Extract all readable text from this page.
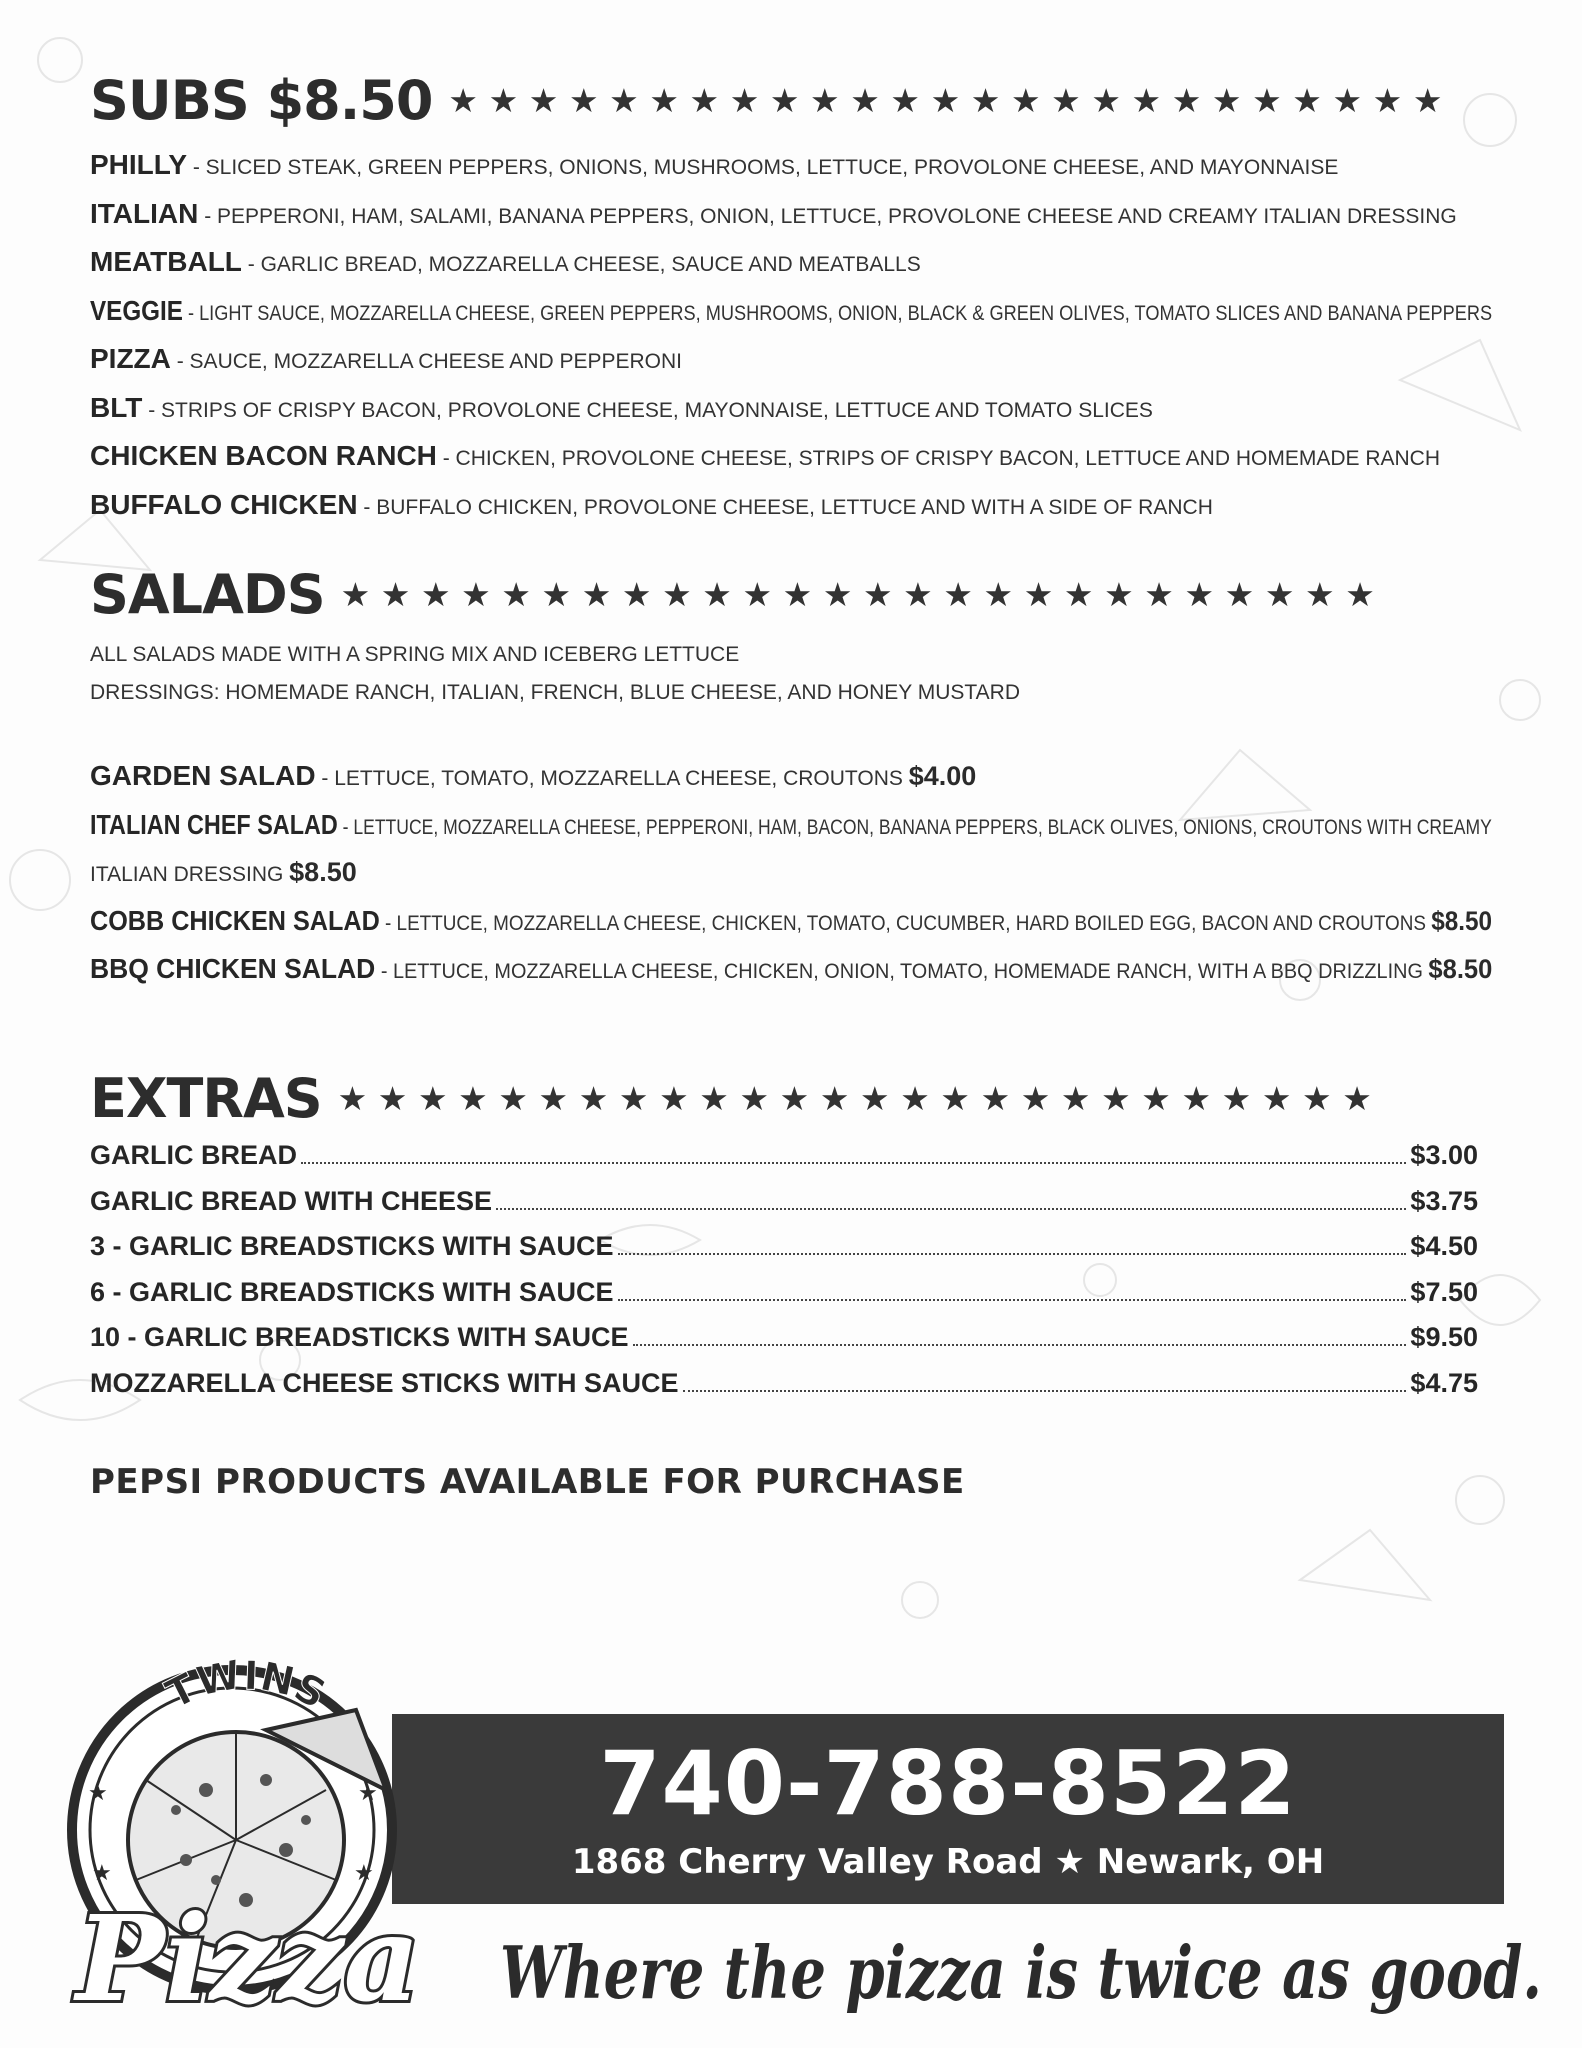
SUBS $8.50 ★★★★★★★★★★★★★★★★★★★★★★★★★
PHILLY - SLICED STEAK, GREEN PEPPERS, ONIONS, MUSHROOMS, LETTUCE, PROVOLONE CHEESE, AND MAYONNAISE
ITALIAN - PEPPERONI, HAM, SALAMI, BANANA PEPPERS, ONION, LETTUCE, PROVOLONE CHEESE AND CREAMY ITALIAN DRESSING
MEATBALL - GARLIC BREAD, MOZZARELLA CHEESE, SAUCE AND MEATBALLS
VEGGIE - LIGHT SAUCE, MOZZARELLA CHEESE, GREEN PEPPERS, MUSHROOMS, ONION, BLACK & GREEN OLIVES, TOMATO SLICES AND BANANA PEPPERS
PIZZA - SAUCE, MOZZARELLA CHEESE AND PEPPERONI
BLT - STRIPS OF CRISPY BACON, PROVOLONE CHEESE, MAYONNAISE, LETTUCE AND TOMATO SLICES
CHICKEN BACON RANCH - CHICKEN, PROVOLONE CHEESE, STRIPS OF CRISPY BACON, LETTUCE AND HOMEMADE RANCH
BUFFALO CHICKEN - BUFFALO CHICKEN, PROVOLONE CHEESE, LETTUCE AND WITH A SIDE OF RANCH
SALADS ★★★★★★★★★★★★★★★★★★★★★★★★★★
ALL SALADS MADE WITH A SPRING MIX AND ICEBERG LETTUCE
DRESSINGS: HOMEMADE RANCH, ITALIAN, FRENCH, BLUE CHEESE, AND HONEY MUSTARD
GARDEN SALAD - LETTUCE, TOMATO, MOZZARELLA CHEESE, CROUTONS $4.00
ITALIAN CHEF SALAD - LETTUCE, MOZZARELLA CHEESE, PEPPERONI, HAM, BACON, BANANA PEPPERS, BLACK OLIVES, ONIONS, CROUTONS WITH CREAMY
ITALIAN DRESSING $8.50
COBB CHICKEN SALAD - LETTUCE, MOZZARELLA CHEESE, CHICKEN, TOMATO, CUCUMBER, HARD BOILED EGG, BACON AND CROUTONS $8.50
BBQ CHICKEN SALAD - LETTUCE, MOZZARELLA CHEESE, CHICKEN, ONION, TOMATO, HOMEMADE RANCH, WITH A BBQ DRIZZLING $8.50
EXTRAS ★★★★★★★★★★★★★★★★★★★★★★★★★★
GARLIC BREAD	$3.00
GARLIC BREAD WITH CHEESE	$3.75
3 - GARLIC BREADSTICKS WITH SAUCE	$4.50
6 - GARLIC BREADSTICKS WITH SAUCE	$7.50
10 - GARLIC BREADSTICKS WITH SAUCE	$9.50
MOZZARELLA CHEESE STICKS WITH SAUCE	$4.75
PEPSI PRODUCTS AVAILABLE FOR PURCHASE
740-788-8522
1868 Cherry Valley Road ★ Newark, OH
TWINS
★	★
★	★
Pizza Where the pizza is twice as good.
